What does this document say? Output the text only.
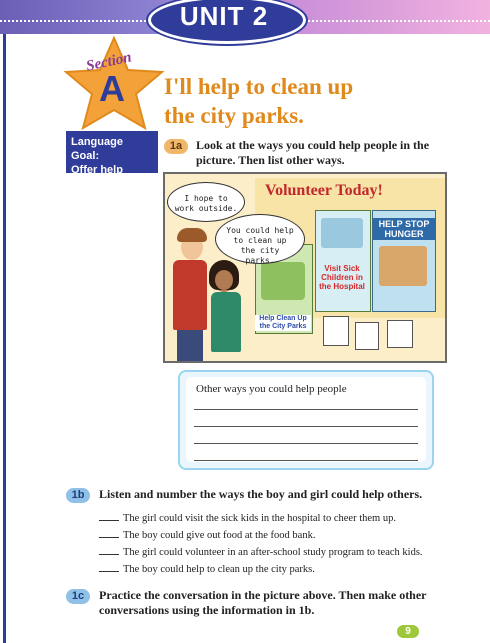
UNIT 2
Section
A	I'll help to clean up
the city parks.
Language Goal:
Offer help
1a	Look at the ways you could help people in the
picture. Then list other ways.
Volunteer Today!
HELP STOP HUNGER
Visit Sick Children in the Hospital
Help Clean Up the City Parks
I hope to work outside.
You could help to clean up the city parks.
Other ways you could help people
1b	Listen and number the ways the boy and girl could help others.
The girl could visit the sick kids in the hospital to cheer them up.
The boy could give out food at the food bank.
The girl could volunteer in an after-school study program to teach kids.
The boy could help to clean up the city parks.
1c	Practice the conversation in the picture above. Then make other
conversations using the information in 1b.
9
